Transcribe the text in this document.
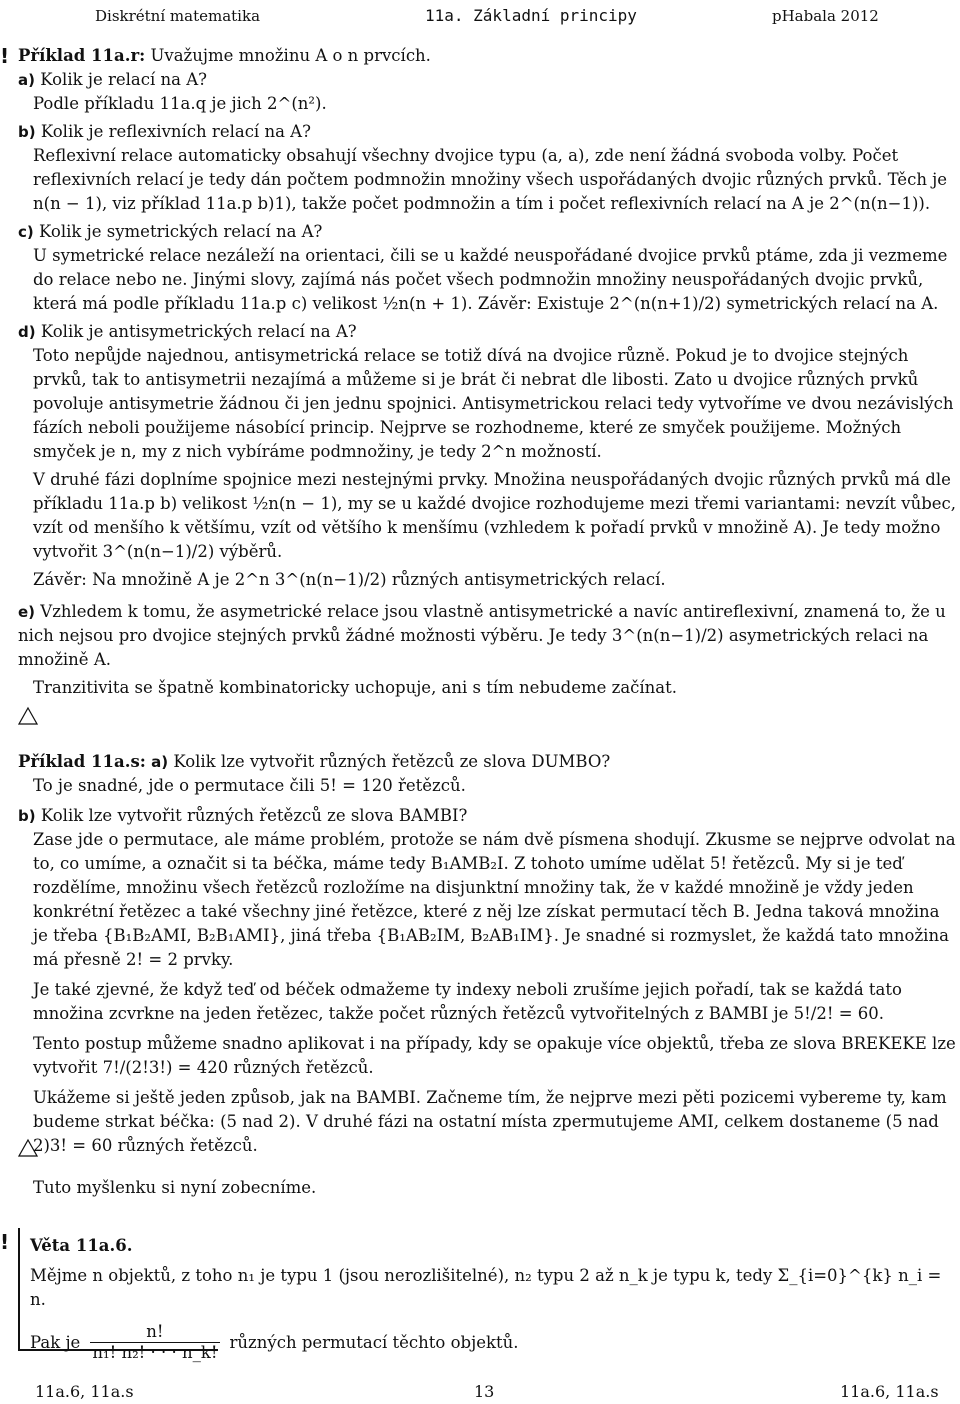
Diskrétní matematika	11a. Základní principy	pHabala 2012
! Příklad 11a.r: Uvažujme množinu A o n prvcích.

a) Kolik je relací na A?

Podle příkladu 11a.q je jich 2^(n²).

b) Kolik je reflexivních relací na A?

Reflexivní relace automaticky obsahují všechny dvojice typu (a, a), zde není žádná svoboda volby. Počet reflexivních relací je tedy dán počtem podmnožin množiny všech uspořádaných dvojic různých prvků. Těch je n(n − 1), viz příklad 11a.p b)1), takže počet podmnožin a tím i počet reflexivních relací na A je 2^(n(n−1)).

c) Kolik je symetrických relací na A?

U symetrické relace nezáleží na orientaci, čili se u každé neuspořádané dvojice prvků ptáme, zda ji vezmeme do relace nebo ne. Jinými slovy, zajímá nás počet všech podmnožin množiny neuspořádaných dvojic prvků, která má podle příkladu 11a.p c) velikost ½n(n + 1). Závěr: Existuje 2^(n(n+1)/2) symetrických relací na A.

d) Kolik je antisymetrických relací na A?

Toto nepůjde najednou, antisymetrická relace se totiž dívá na dvojice různě. Pokud je to dvojice stejných prvků, tak to antisymetrii nezajímá a můžeme si je brát či nebrat dle libosti. Zato u dvojice různých prvků povoluje antisymetrie žádnou či jen jednu spojnici. Antisymetrickou relaci tedy vytvoříme ve dvou nezávislých fázích neboli použijeme násobící princip. Nejprve se rozhodneme, které ze smyček použijeme. Možných smyček je n, my z nich vybíráme podmnožiny, je tedy 2^n možností.

V druhé fázi doplníme spojnice mezi nestejnými prvky. Množina neuspořádaných dvojic různých prvků má dle příkladu 11a.p b) velikost ½n(n − 1), my se u každé dvojice rozhodujeme mezi třemi variantami: nevzít vůbec, vzít od menšího k většímu, vzít od většího k menšímu (vzhledem k pořadí prvků v množině A). Je tedy možno vytvořit 3^(n(n−1)/2) výběrů.

Závěr: Na množině A je 2^n 3^(n(n−1)/2) různých antisymetrických relací.

e) Vzhledem k tomu, že asymetrické relace jsou vlastně antisymetrické a navíc antireflexivní, znamená to, že u nich nejsou pro dvojice stejných prvků žádné možnosti výběru. Je tedy 3^(n(n−1)/2) asymetrických relaci na množině A.

Tranzitivita se špatně kombinatoricky uchopuje, ani s tím nebudeme začínat.

Příklad 11a.s: a) Kolik lze vytvořit různých řetězců ze slova DUMBO?

To je snadné, jde o permutace čili 5! = 120 řetězců.

b) Kolik lze vytvořit různých řetězců ze slova BAMBI?

Zase jde o permutace, ale máme problém, protože se nám dvě písmena shodují. Zkusme se nejprve odvolat na to, co umíme, a označit si ta béčka, máme tedy B₁AMB₂I. Z tohoto umíme udělat 5! řetězců. My si je teď rozdělíme, množinu všech řetězců rozložíme na disjunktní množiny tak, že v každé množině je vždy jeden konkrétní řetězec a také všechny jiné řetězce, které z něj lze získat permutací těch B. Jedna taková množina je třeba {B₁B₂AMI, B₂B₁AMI}, jiná třeba {B₁AB₂IM, B₂AB₁IM}. Je snadné si rozmyslet, že každá tato množina má přesně 2! = 2 prvky.

Je také zjevné, že když teď od béček odmažeme ty indexy neboli zrušíme jejich pořadí, tak se každá tato množina zcvrkne na jeden řetězec, takže počet různých řetězců vytvořitelných z BAMBI je 5!/2! = 60.

Tento postup můžeme snadno aplikovat i na případy, kdy se opakuje více objektů, třeba ze slova BREKEKE lze vytvořit 7!/(2!3!) = 420 různých řetězců.

Ukážeme si ještě jeden způsob, jak na BAMBI. Začneme tím, že nejprve mezi pěti pozicemi vybereme ty, kam budeme strkat béčka: (5 nad 2). V druhé fázi na ostatní místa zpermutujeme AMI, celkem dostaneme (5 nad 2)3! = 60 různých řetězců.

Tuto myšlenku si nyní zobecníme.

! Věta 11a.6.

Mějme n objektů, z toho n₁ je typu 1 (jsou nerozlišitelné), n₂ typu 2 až n_k je typu k, tedy Σ_{i=0}^{k} n_i = n.

Pak je $\frac{n!}{\text{n₁! n₂! · · · n\_k!}}$ různých permutací těchto objektů.
11a.6, 11a.s	13	11a.6, 11a.s
